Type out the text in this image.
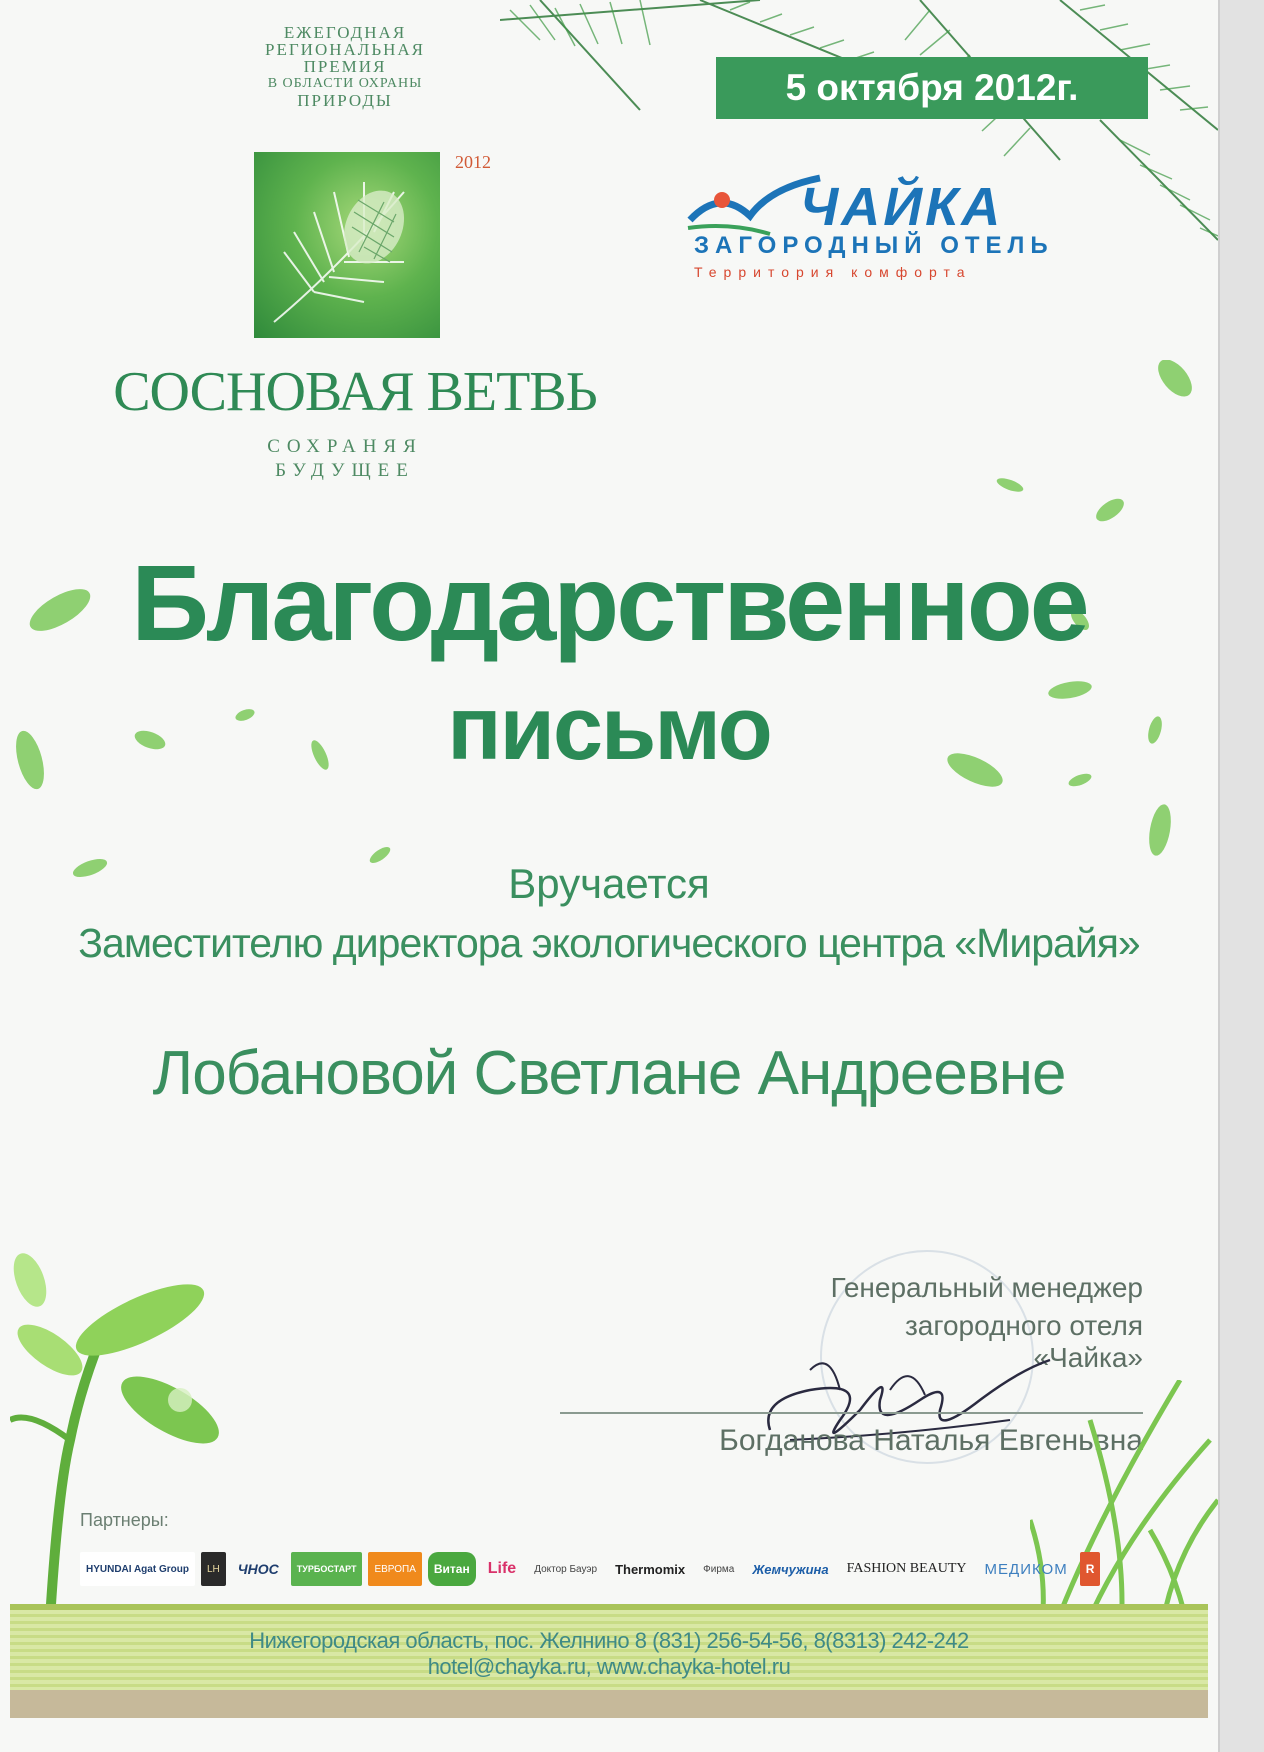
ЕЖЕГОДНАЯ
РЕГИОНАЛЬНАЯ
ПРЕМИЯ
В ОБЛАСТИ ОХРАНЫ
ПРИРОДЫ
2012
СОСНОВАЯ ВЕТВЬ
СОХРАНЯЯ
БУДУЩЕЕ
5 октября 2012г.
ЧАЙКА
ЗАГОРОДНЫЙ ОТЕЛЬ
Территория комфорта
Благодарственное
письмо
Вручается
Заместителю директора экологического центра «Мирайя»
Лобановой Светлане Андреевне
Генеральный менеджер
загородного отеля «Чайка»
Богданова Наталья Евгеньвна
Партнеры:
HYUNDAI Agat Group	LH	ЧНОС	ТУРБОСТАРТ	ЕВРОПА	Витан	Life	Доктор Бауэр	Thermomix	Фирма	Жемчужина	FASHION BEAUTY	МЕДИКОМ	R
Нижегородская область, пос. Желнино 8 (831) 256-54-56, 8(8313) 242-242
hotel@chayka.ru, www.chayka-hotel.ru
